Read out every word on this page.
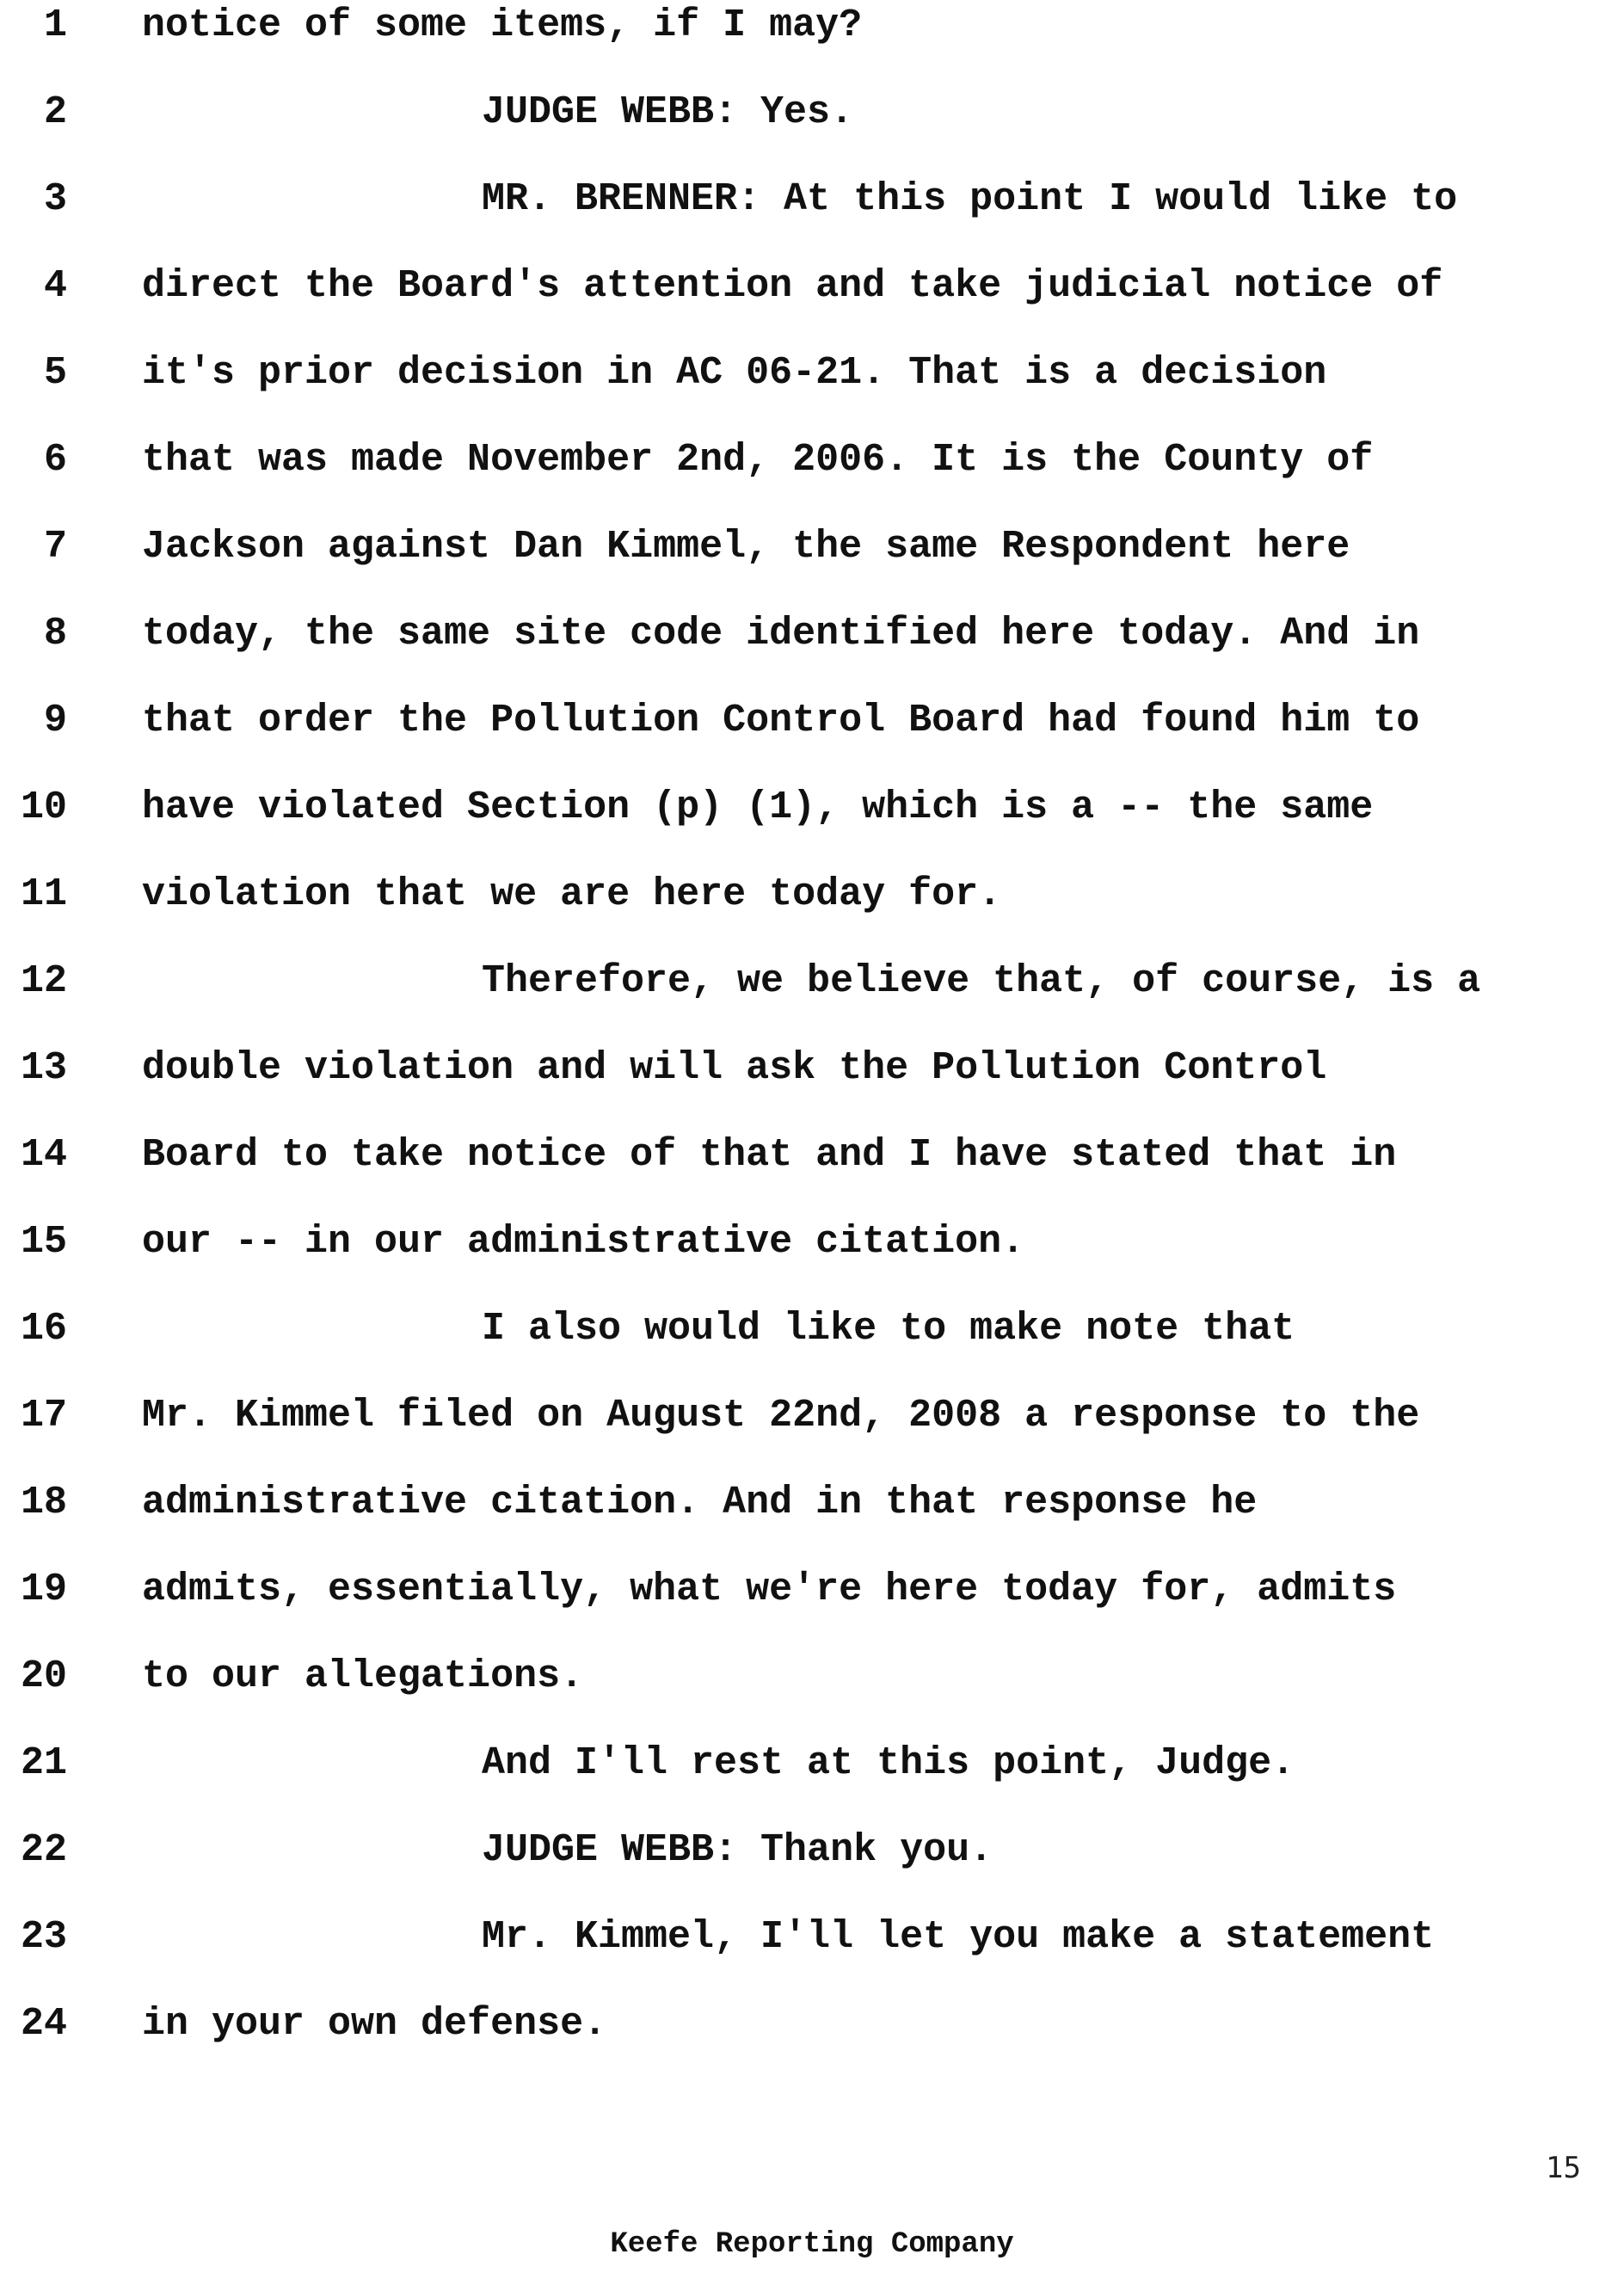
1 notice of some items, if I may?
2	JUDGE WEBB: Yes.
3	MR. BRENNER: At this point I would like to
4 direct the Board's attention and take judicial notice of
5 it's prior decision in AC 06-21. That is a decision
6 that was made November 2nd, 2006. It is the County of
7 Jackson against Dan Kimmel, the same Respondent here
8 today, the same site code identified here today. And in
9 that order the Pollution Control Board had found him to
10 have violated Section (p) (1), which is a -- the same
11 violation that we are here today for.
12	Therefore, we believe that, of course, is a
13 double violation and will ask the Pollution Control
14 Board to take notice of that and I have stated that in
15 our -- in our administrative citation.
16	I also would like to make note that
17 Mr. Kimmel filed on August 22nd, 2008 a response to the
18 administrative citation. And in that response he
19 admits, essentially, what we're here today for, admits
20 to our allegations.
21	And I'll rest at this point, Judge.
22	JUDGE WEBB: Thank you.
23	Mr. Kimmel, I'll let you make a statement
24 in your own defense.
15
Keefe Reporting Company
